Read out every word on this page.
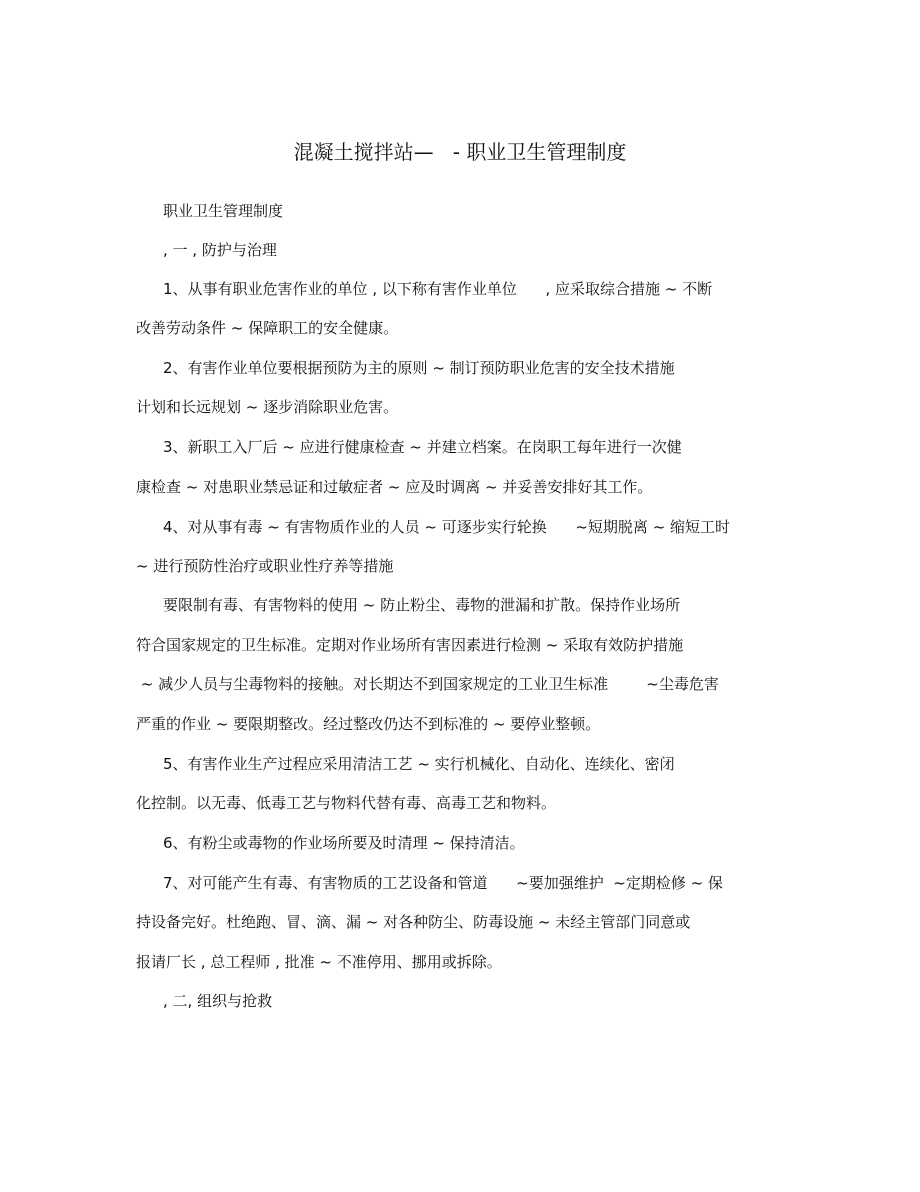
混凝土搅拌站—   - 职业卫生管理制度
职业卫生管理制度
, 一 , 防护与治理
1、从事有职业危害作业的单位 , 以下称有害作业单位      , 应采取综合措施 ~ 不断
改善劳动条件 ~ 保障职工的安全健康。
2、有害作业单位要根据预防为主的原则 ~ 制订预防职业危害的安全技术措施
计划和长远规划 ~ 逐步消除职业危害。
3、新职工入厂后 ~ 应进行健康检查 ~ 并建立档案。在岗职工每年进行一次健
康检查 ~ 对患职业禁忌证和过敏症者 ~ 应及时调离 ~ 并妥善安排好其工作。
4、对从事有毒 ~ 有害物质作业的人员 ~ 可逐步实行轮换      ~短期脱离 ~ 缩短工时
~ 进行预防性治疗或职业性疗养等措施
要限制有毒、有害物料的使用 ~ 防止粉尘、毒物的泄漏和扩散。保持作业场所
符合国家规定的卫生标准。定期对作业场所有害因素进行检测 ~ 采取有效防护措施
~ 减少人员与尘毒物料的接触。对长期达不到国家规定的工业卫生标准        ~尘毒危害
严重的作业 ~ 要限期整改。经过整改仍达不到标准的 ~ 要停业整顿。
5、有害作业生产过程应采用清洁工艺 ~ 实行机械化、自动化、连续化、密闭
化控制。以无毒、低毒工艺与物料代替有毒、高毒工艺和物料。
6、有粉尘或毒物的作业场所要及时清理 ~ 保持清洁。
7、对可能产生有毒、有害物质的工艺设备和管道      ~要加强维护  ~定期检修 ~ 保
持设备完好。杜绝跑、冒、滴、漏 ~ 对各种防尘、防毒设施 ~ 未经主管部门同意或
报请厂长 , 总工程师 , 批准 ~ 不准停用、挪用或拆除。
, 二, 组织与抢救
